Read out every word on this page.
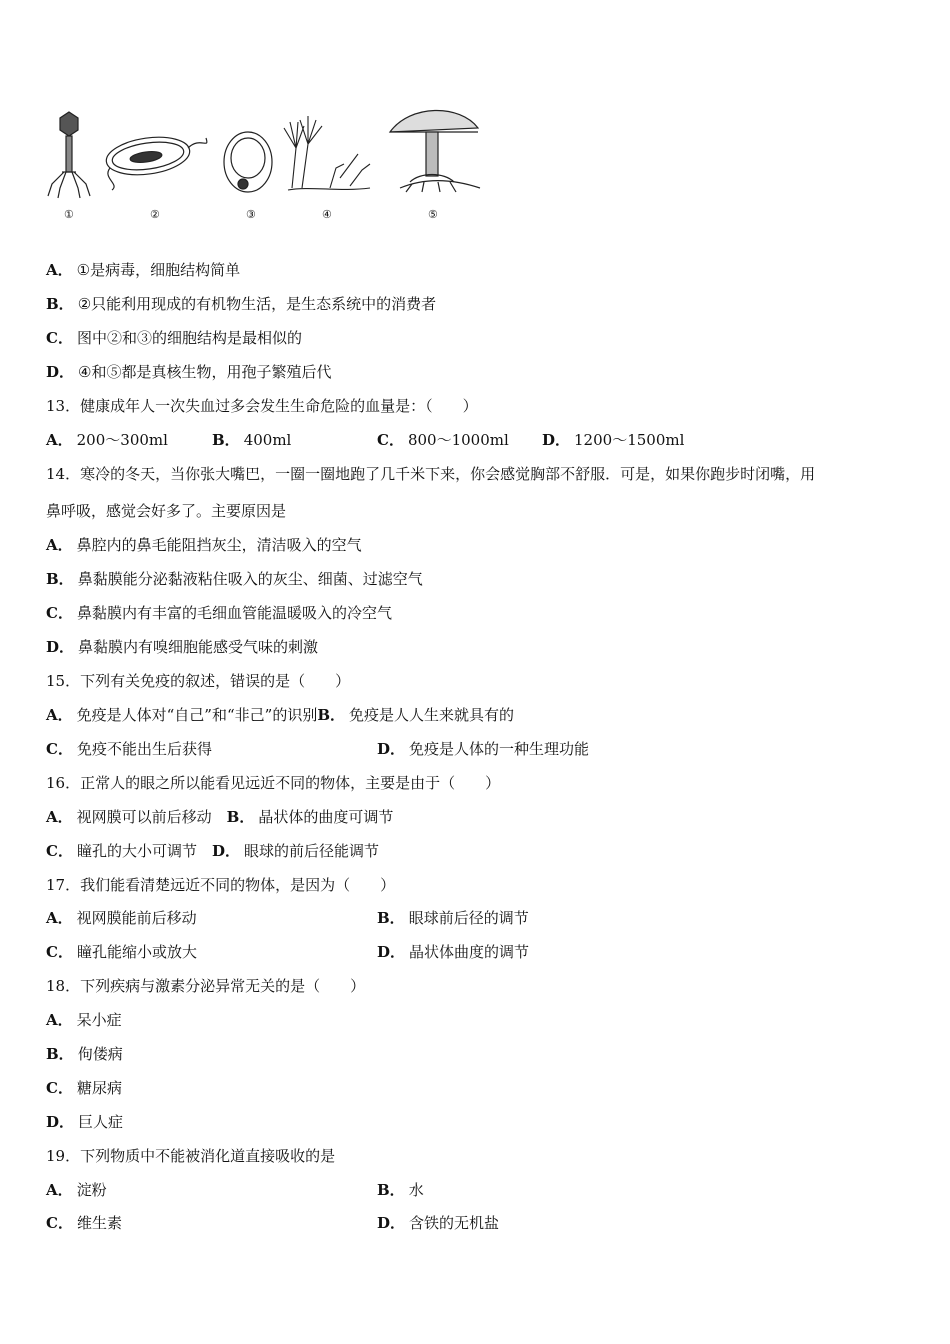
①	②	③	④	⑤
A． ①是病毒，细胞结构简单
B． ②只能利用现成的有机物生活，是生态系统中的消费者
C． 图中②和③的细胞结构是最相似的
D． ④和⑤都是真核生物，用孢子繁殖后代
13．健康成年人一次失血过多会发生生命危险的血量是：（　　）
A． 200～300ml	B． 400ml	C． 800～1000ml D． 1200～1500ml
14．寒冷的冬天，当你张大嘴巴，一圈一圈地跑了几千米下来，你会感觉胸部不舒服．可是，如果你跑步时闭嘴，用
鼻呼吸，感觉会好多了。主要原因是
A． 鼻腔内的鼻毛能阻挡灰尘，清洁吸入的空气
B． 鼻黏膜能分泌黏液粘住吸入的灰尘、细菌、过滤空气
C． 鼻黏膜内有丰富的毛细血管能温暖吸入的冷空气
D． 鼻黏膜内有嗅细胞能感受气味的刺激
15．下列有关免疫的叙述，错误的是（　　）
A． 免疫是人体对“自己”和“非己”的识别B． 免疫是人人生来就具有的
C． 免疫不能出生后获得	D． 免疫是人体的一种生理功能
16．正常人的眼之所以能看见远近不同的物体，主要是由于（　　）
A． 视网膜可以前后移动　 B． 晶状体的曲度可调节
C． 瞳孔的大小可调节　 D． 眼球的前后径能调节
17．我们能看清楚远近不同的物体，是因为（　　）
A． 视网膜能前后移动	B． 眼球前后径的调节
C． 瞳孔能缩小或放大	D． 晶状体曲度的调节
18．下列疾病与激素分泌异常无关的是（　　）
A． 呆小症
B． 佝偻病
C． 糖尿病
D． 巨人症
19．下列物质中不能被消化道直接吸收的是
A． 淀粉	B． 水
C． 维生素	D． 含铁的无机盐
